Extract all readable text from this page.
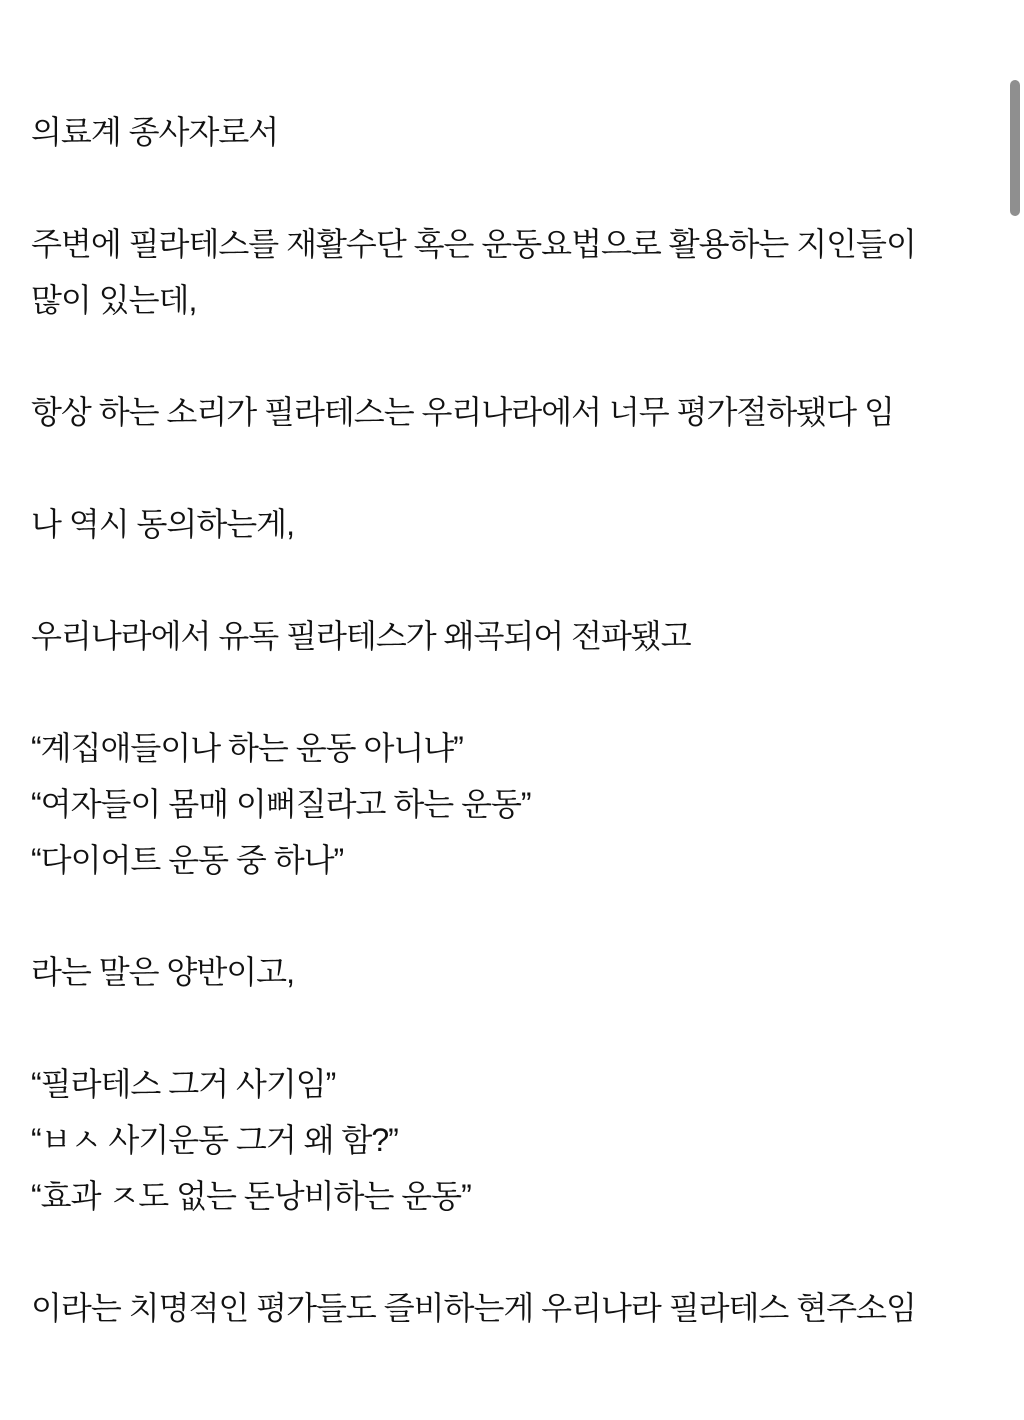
의료계 종사자로서

주변에 필라테스를 재활수단 혹은 운동요법으로 활용하는 지인들이
많이 있는데,

항상 하는 소리가 필라테스는 우리나라에서 너무 평가절하됐다 임

나 역시 동의하는게,

우리나라에서 유독 필라테스가 왜곡되어 전파됐고

“계집애들이나 하는 운동 아니냐”
“여자들이 몸매 이뻐질라고 하는 운동”
“다이어트 운동 중 하나”

라는 말은 양반이고,

“필라테스 그거 사기임”
“ㅂㅅ 사기운동 그거 왜 함?”
“효과 ㅈ도 없는 돈낭비하는 운동”

이라는 치명적인 평가들도 즐비하는게 우리나라 필라테스 현주소임
